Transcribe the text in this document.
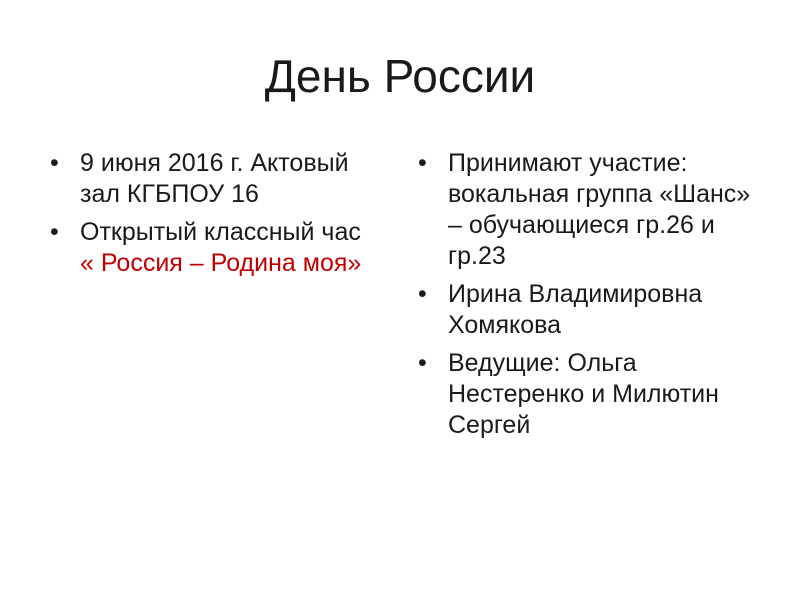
День России
• 9 июня 2016 г. Актовый зал КГБПОУ 16
• Открытый классный час « Россия – Родина моя»
• Принимают участие: вокальная группа «Шанс» – обучающиеся гр.26 и гр.23
• Ирина Владимировна Хомякова
• Ведущие: Ольга Нестеренко и Милютин Сергей
